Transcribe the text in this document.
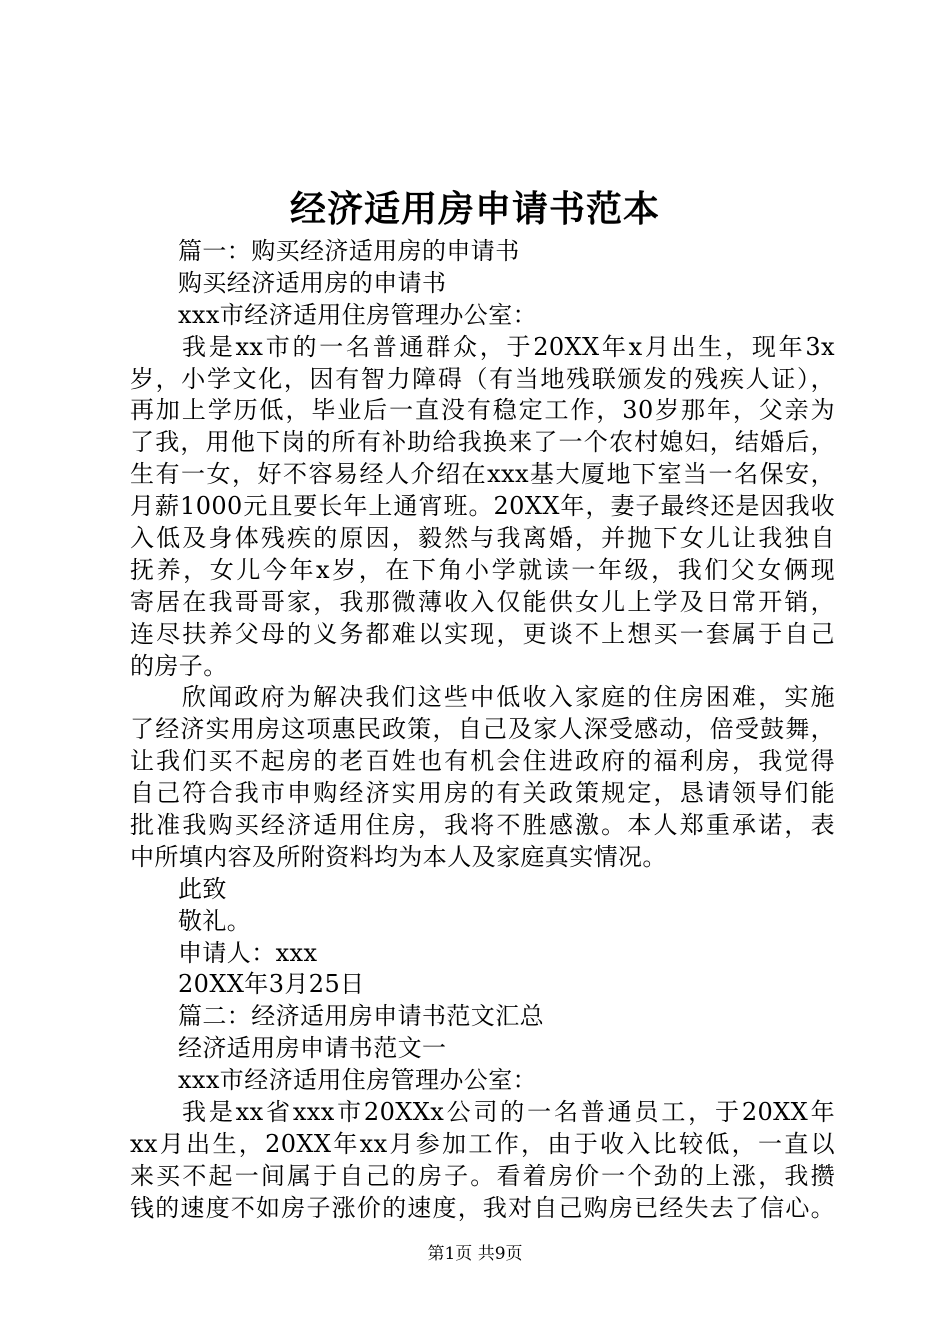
经济适用房申请书范本
篇一：购买经济适用房的申请书
购买经济适用房的申请书
xxx市经济适用住房管理办公室：
我是xx市的一名普通群众，于20XX年x月出生，现年3x
岁，小学文化，因有智力障碍（有当地残联颁发的残疾人证），
再加上学历低，毕业后一直没有稳定工作，30岁那年，父亲为
了我，用他下岗的所有补助给我换来了一个农村媳妇，结婚后，
生有一女，好不容易经人介绍在xxx基大厦地下室当一名保安，
月薪1000元且要长年上通宵班。20XX年，妻子最终还是因我收
入低及身体残疾的原因，毅然与我离婚，并抛下女儿让我独自
抚养，女儿今年x岁，在下角小学就读一年级，我们父女俩现
寄居在我哥哥家，我那微薄收入仅能供女儿上学及日常开销，
连尽扶养父母的义务都难以实现，更谈不上想买一套属于自己
的房子。
欣闻政府为解决我们这些中低收入家庭的住房困难，实施
了经济实用房这项惠民政策，自己及家人深受感动，倍受鼓舞，
让我们买不起房的老百姓也有机会住进政府的福利房，我觉得
自己符合我市申购经济实用房的有关政策规定，恳请领导们能
批准我购买经济适用住房，我将不胜感激。本人郑重承诺，表
中所填内容及所附资料均为本人及家庭真实情况。
此致
敬礼。
申请人：xxx
20XX年3月25日
篇二：经济适用房申请书范文汇总
经济适用房申请书范文一
xxx市经济适用住房管理办公室：
我是xx省xxx市20XXx公司的一名普通员工，于20XX年
xx月出生，20XX年xx月参加工作，由于收入比较低，一直以
来买不起一间属于自己的房子。看着房价一个劲的上涨，我攒
钱的速度不如房子涨价的速度，我对自己购房已经失去了信心。
第1页 共9页
